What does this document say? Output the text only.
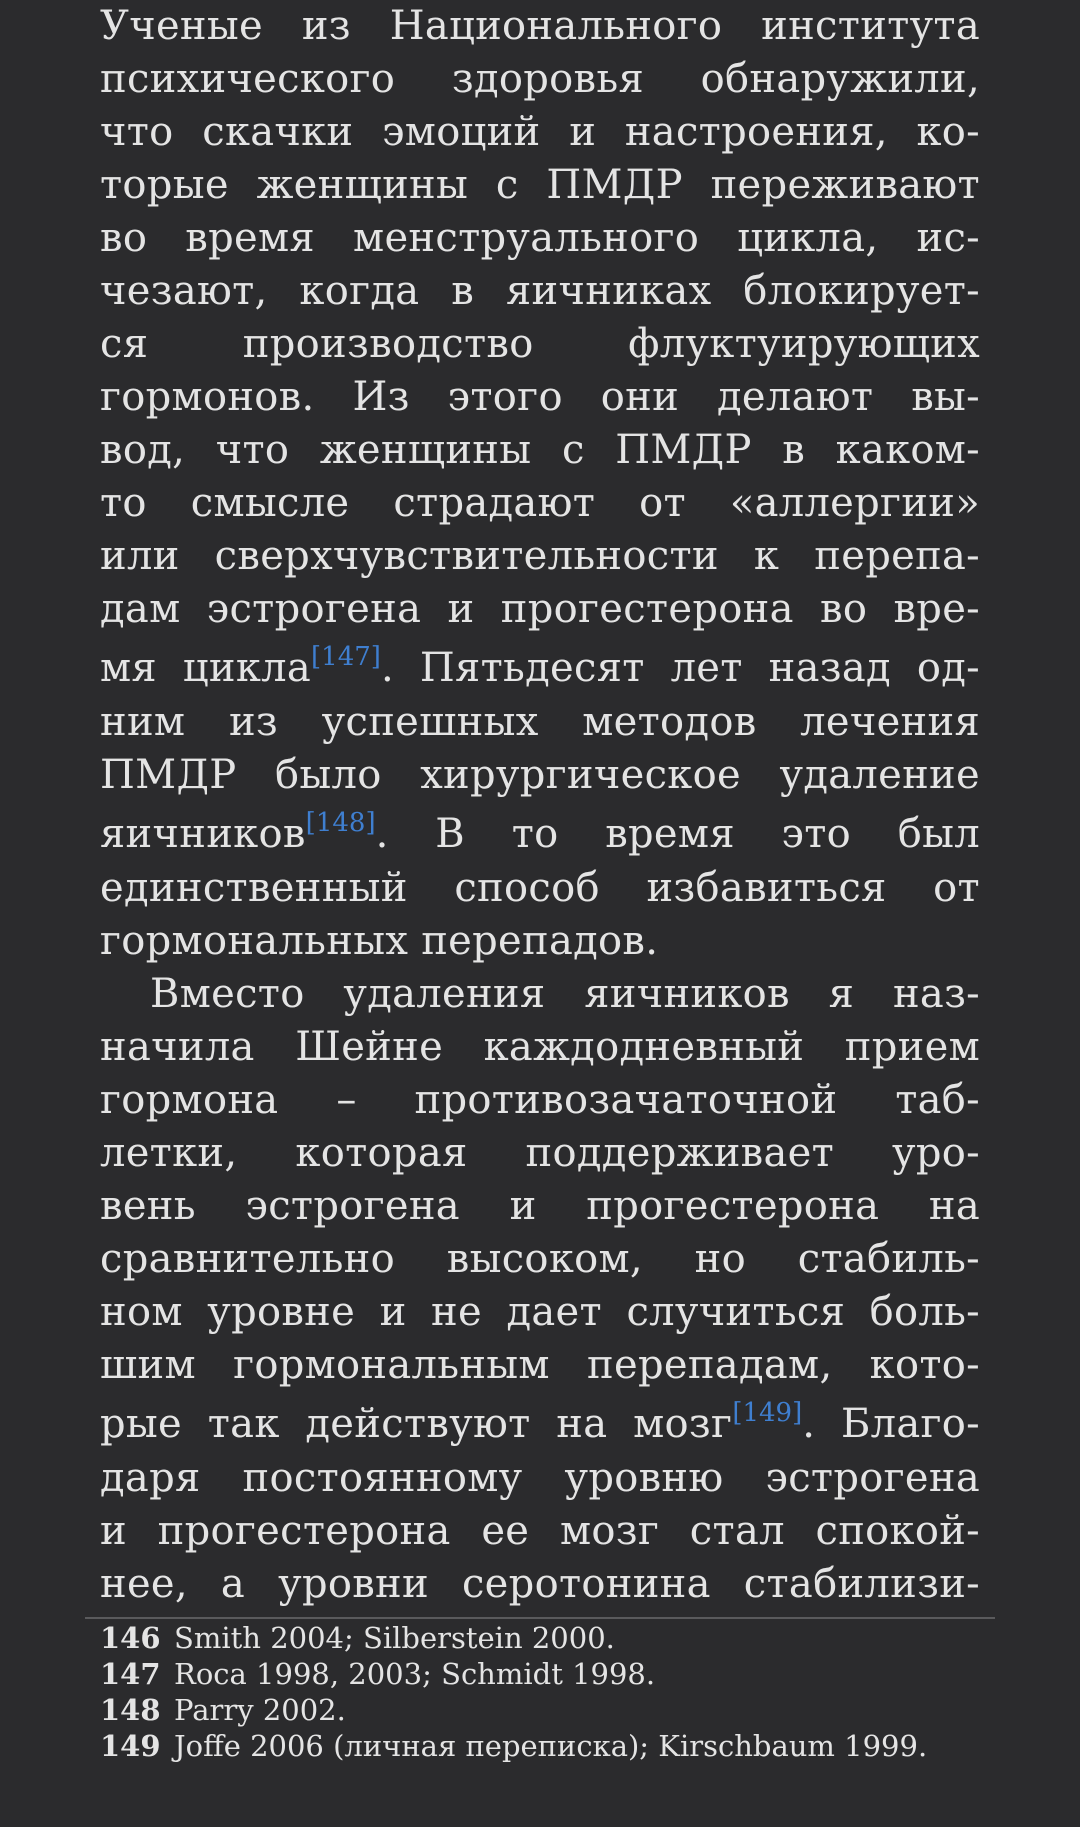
Ученые из Национального института
психического здоровья обнаружили,
что скачки эмоций и настроения, ко-
торые женщины с ПМДР переживают
во время менструального цикла, ис-
чезают, когда в яичниках блокирует-
ся производство флуктуирующих
гормонов. Из этого они делают вы-
вод, что женщины с ПМДР в каком-
то смысле страдают от «аллергии»
или сверхчувствительности к перепа-
дам эстрогена и прогестерона во вре-
мя цикла[147]. Пятьдесят лет назад од-
ним из успешных методов лечения
ПМДР было хирургическое удаление
яичников[148]. В то время это был
единственный способ избавиться от
гормональных перепадов.
Вместо удаления яичников я наз-
начила Шейне каждодневный прием
гормона – противозачаточной таб-
летки, которая поддерживает уро-
вень эстрогена и прогестерона на
сравнительно высоком, но стабиль-
ном уровне и не дает случиться боль-
шим гормональным перепадам, кото-
рые так действуют на мозг[149]. Благо-
даря постоянному уровню эстрогена
и прогестерона ее мозг стал спокой-
нее, а уровни серотонина стабилизи-
146 Smith 2004; Silberstein 2000.
147 Roca 1998, 2003; Schmidt 1998.
148 Parry 2002.
149 Joffe 2006 (личная переписка); Kirschbaum 1999.
